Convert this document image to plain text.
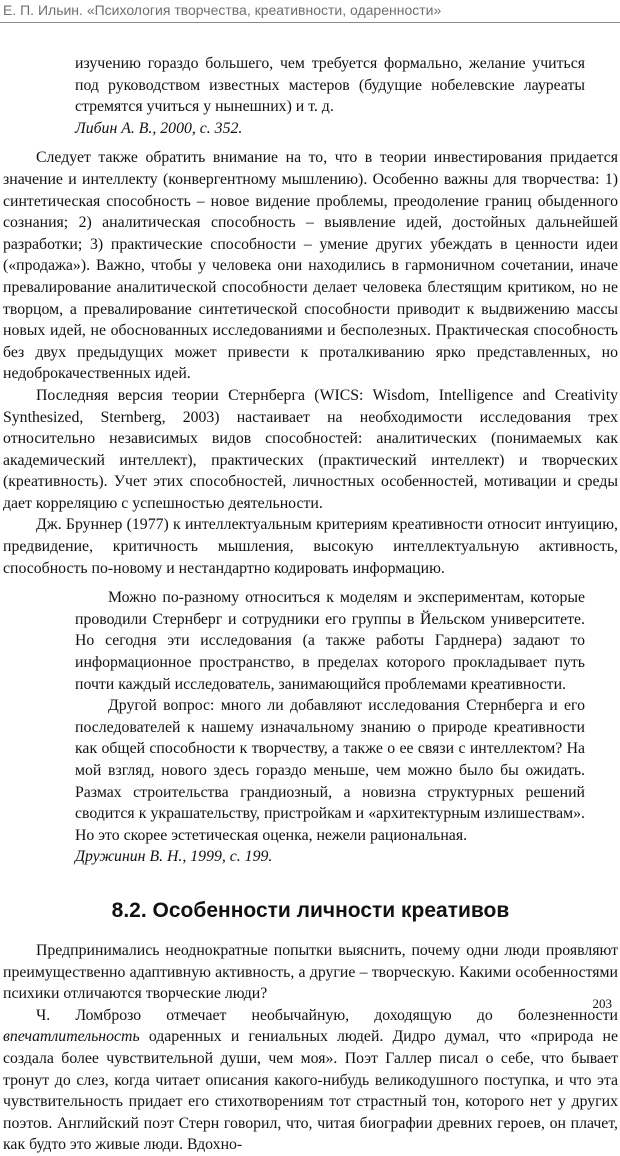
Е. П. Ильин. «Психология творчества, креативности, одаренности»

изучению гораздо большего, чем требуется формально, желание учиться под руководством известных мастеров (будущие нобелевские лауреаты стремятся учиться у нынешних) и т. д.

Либин А. В., 2000, с. 352.

Следует также обратить внимание на то, что в теории инвестирования придается значение и интеллекту (конвергентному мышлению). Особенно важны для творчества: 1) синтетическая способность – новое видение проблемы, преодоление границ обыденного сознания; 2) аналитическая способность – выявление идей, достойных дальнейшей разработки; 3) практические способности – умение других убеждать в ценности идеи («продажа»). Важно, чтобы у человека они находились в гармоничном сочетании, иначе превалирование аналитической способности делает человека блестящим критиком, но не творцом, а превалирование синтетической способности приводит к выдвижению массы новых идей, не обоснованных исследованиями и бесполезных. Практическая способность без двух предыдущих может привести к проталкиванию ярко представленных, но недоброкачественных идей.

Последняя версия теории Стернберга (WICS: Wisdom, Intelligence and Creativity Synthesized, Sternberg, 2003) настаивает на необходимости исследования трех относительно независимых видов способностей: аналитических (понимаемых как академический интеллект), практических (практический интеллект) и творческих (креативность). Учет этих способностей, личностных особенностей, мотивации и среды дает корреляцию с успешностью деятельности.

Дж. Бруннер (1977) к интеллектуальным критериям креативности относит интуицию, предвидение, критичность мышления, высокую интеллектуальную активность, способность по-новому и нестандартно кодировать информацию.

Можно по-разному относиться к моделям и экспериментам, которые проводили Стернберг и сотрудники его группы в Йельском университете. Но сегодня эти исследования (а также работы Гарднера) задают то информационное пространство, в пределах которого прокладывает путь почти каждый исследователь, занимающийся проблемами креативности.

Другой вопрос: много ли добавляют исследования Стернберга и его последователей к нашему изначальному знанию о природе креативности как общей способности к творчеству, а также о ее связи с интеллектом? На мой взгляд, нового здесь гораздо меньше, чем можно было бы ожидать. Размах строительства грандиозный, а новизна структурных решений сводится к украшательству, пристройкам и «архитектурным излишествам». Но это скорее эстетическая оценка, нежели рациональная.

Дружинин В. Н., 1999, с. 199.

8.2. Особенности личности креативов

Предпринимались неоднократные попытки выяснить, почему одни люди проявляют преимущественно адаптивную активность, а другие – творческую. Какими особенностями психики отличаются творческие люди?

Ч. Ломброзо отмечает необычайную, доходящую до болезненности впечатлительность одаренных и гениальных людей. Дидро думал, что «природа не создала более чувствительной души, чем моя». Поэт Галлер писал о себе, что бывает тронут до слез, когда читает описания какого-нибудь великодушного поступка, и что эта чувствительность придает его стихотворениям тот страстный тон, которого нет у других поэтов. Английский поэт Стерн говорил, что, читая биографии древних героев, он плачет, как будто это живые люди. Вдохно-

203
